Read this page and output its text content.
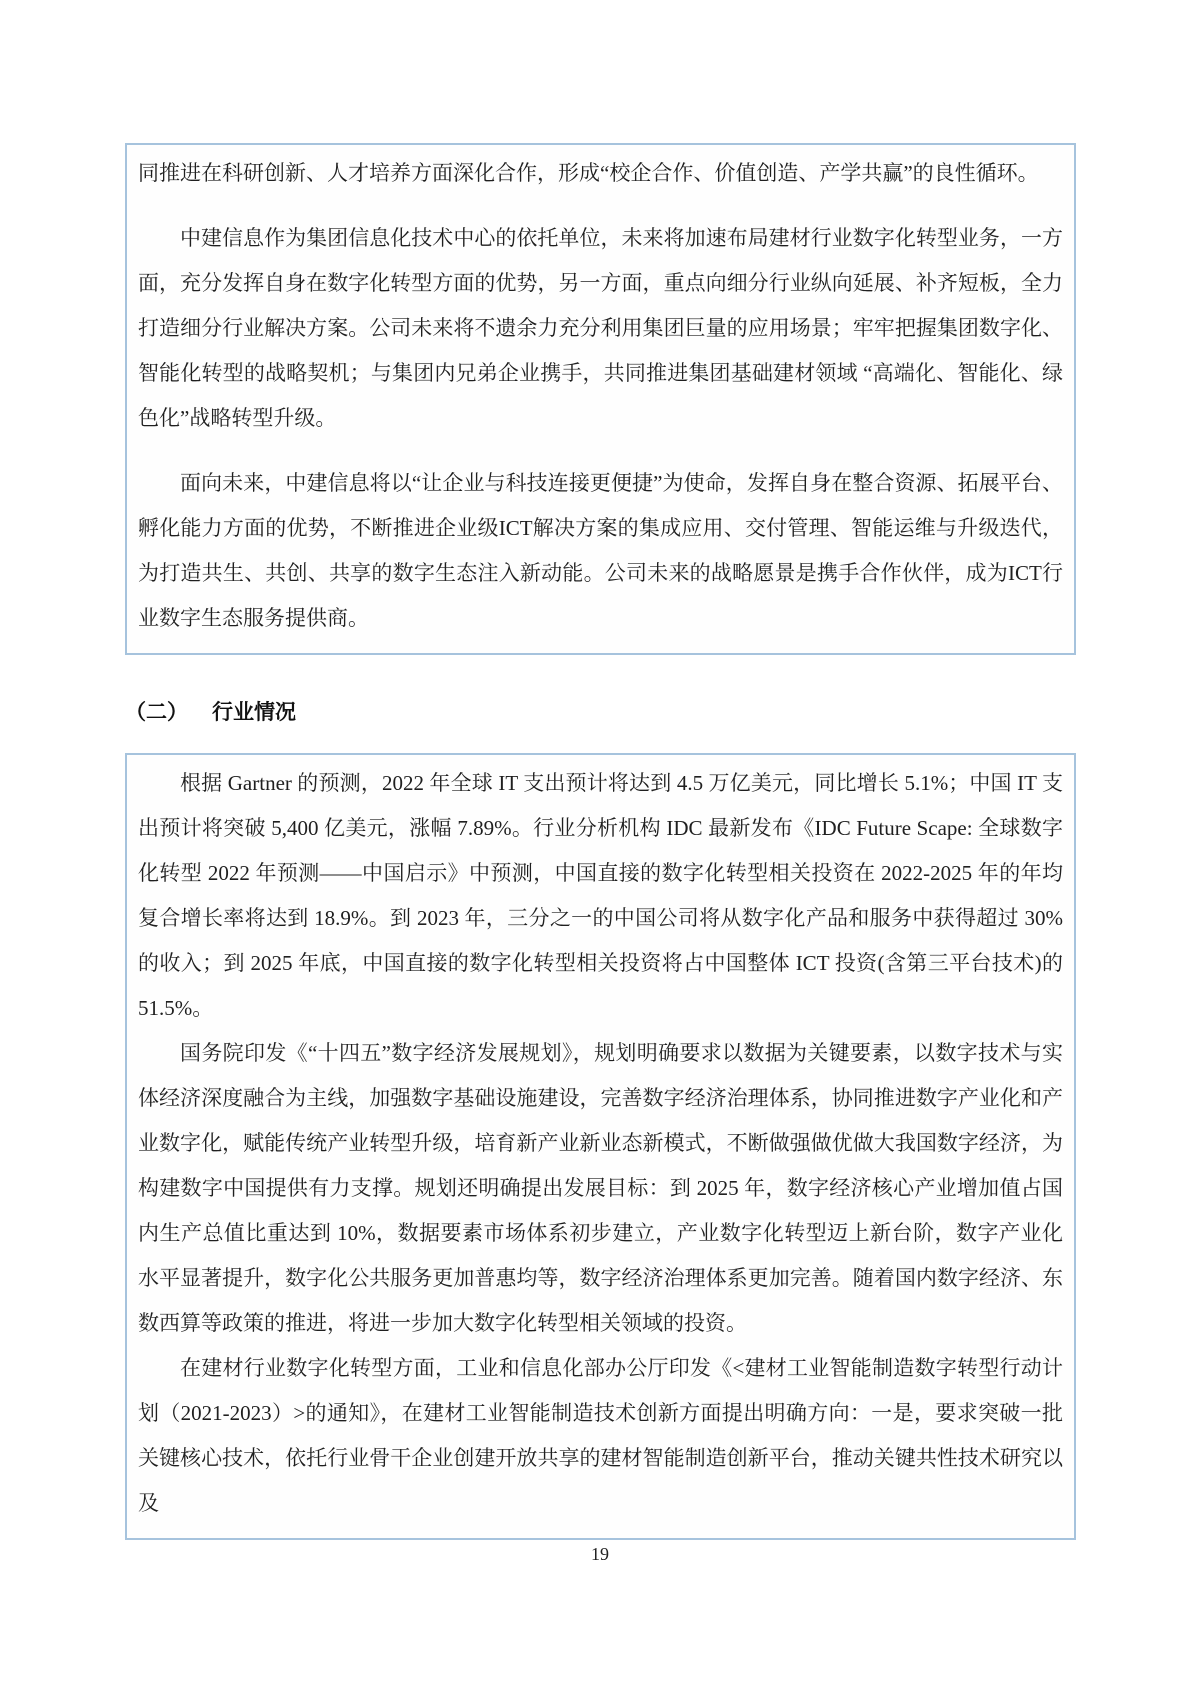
同推进在科研创新、人才培养方面深化合作，形成“校企合作、价值创造、产学共赢”的良性循环。

中建信息作为集团信息化技术中心的依托单位，未来将加速布局建材行业数字化转型业务，一方面，充分发挥自身在数字化转型方面的优势，另一方面，重点向细分行业纵向延展、补齐短板，全力打造细分行业解决方案。公司未来将不遗余力充分利用集团巨量的应用场景；牢牢把握集团数字化、智能化转型的战略契机；与集团内兄弟企业携手，共同推进集团基础建材领域 “高端化、智能化、绿色化”战略转型升级。

面向未来，中建信息将以“让企业与科技连接更便捷”为使命，发挥自身在整合资源、拓展平台、孵化能力方面的优势，不断推进企业级ICT解决方案的集成应用、交付管理、智能运维与升级迭代，为打造共生、共创、共享的数字生态注入新动能。公司未来的战略愿景是携手合作伙伴，成为ICT行业数字生态服务提供商。

（二） 行业情况

根据 Gartner 的预测，2022 年全球 IT 支出预计将达到 4.5 万亿美元，同比增长 5.1%；中国 IT 支出预计将突破 5,400 亿美元，涨幅 7.89%。行业分析机构 IDC 最新发布《IDC Future Scape: 全球数字化转型 2022 年预测——中国启示》中预测，中国直接的数字化转型相关投资在 2022-2025 年的年均复合增长率将达到 18.9%。到 2023 年，三分之一的中国公司将从数字化产品和服务中获得超过 30%的收入；到 2025 年底，中国直接的数字化转型相关投资将占中国整体 ICT 投资(含第三平台技术)的 51.5%。

国务院印发《“十四五”数字经济发展规划》，规划明确要求以数据为关键要素，以数字技术与实体经济深度融合为主线，加强数字基础设施建设，完善数字经济治理体系，协同推进数字产业化和产业数字化，赋能传统产业转型升级，培育新产业新业态新模式，不断做强做优做大我国数字经济，为构建数字中国提供有力支撑。规划还明确提出发展目标：到 2025 年，数字经济核心产业增加值占国内生产总值比重达到 10%，数据要素市场体系初步建立，产业数字化转型迈上新台阶，数字产业化水平显著提升，数字化公共服务更加普惠均等，数字经济治理体系更加完善。随着国内数字经济、东数西算等政策的推进，将进一步加大数字化转型相关领域的投资。

在建材行业数字化转型方面，工业和信息化部办公厅印发《<建材工业智能制造数字转型行动计划（2021-2023）>的通知》，在建材工业智能制造技术创新方面提出明确方向：一是，要求突破一批关键核心技术，依托行业骨干企业创建开放共享的建材智能制造创新平台，推动关键共性技术研究以及

19
